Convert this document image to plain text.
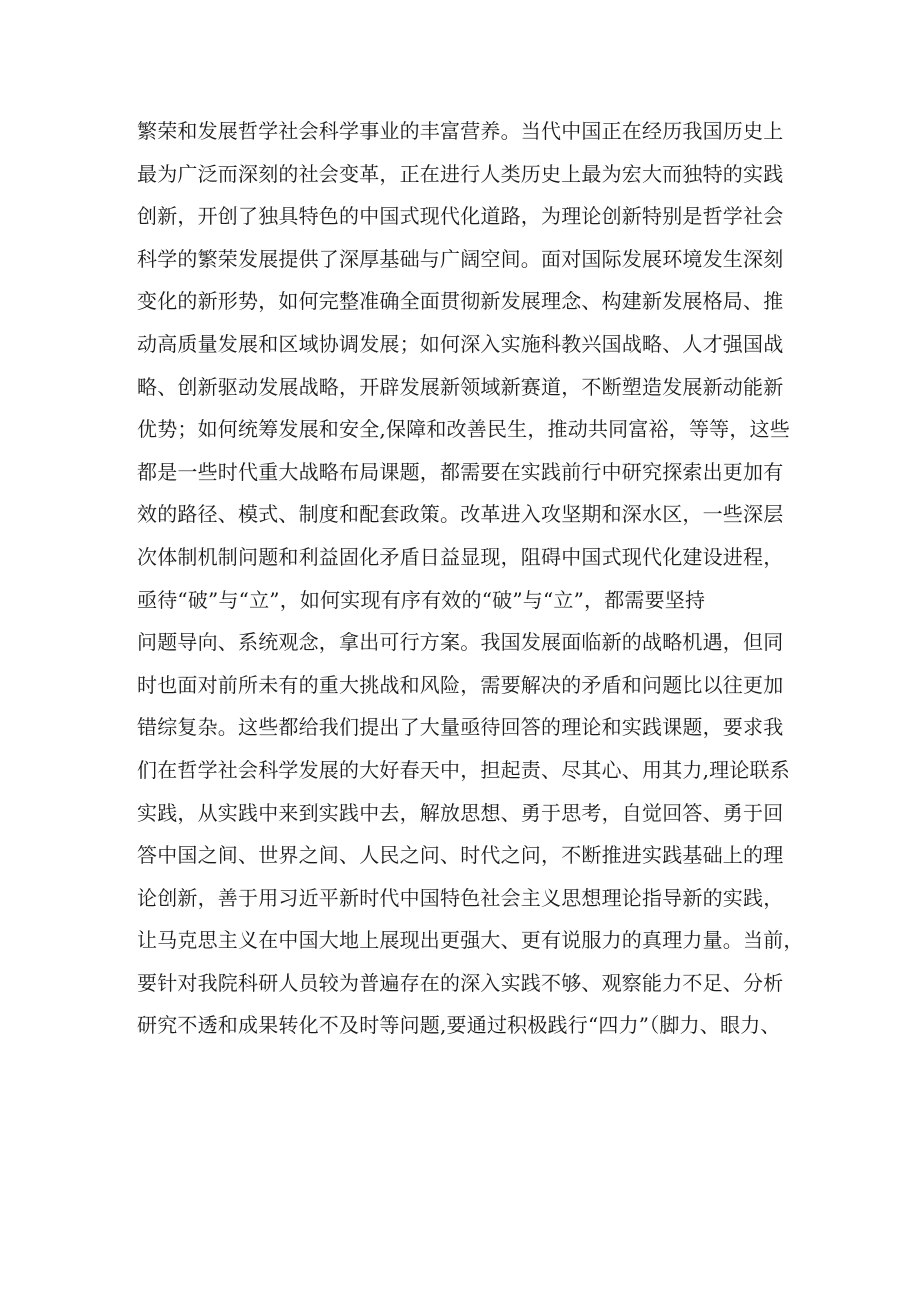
繁荣和发展哲学社会科学事业的丰富营养。当代中国正在经历我国历史上
最为广泛而深刻的社会变革，正在进行人类历史上最为宏大而独特的实践
创新，开创了独具特色的中国式现代化道路，为理论创新特别是哲学社会
科学的繁荣发展提供了深厚基础与广阔空间。面对国际发展环境发生深刻
变化的新形势，如何完整准确全面贯彻新发展理念、构建新发展格局、推
动高质量发展和区域协调发展；如何深入实施科教兴国战略、人才强国战
略、创新驱动发展战略，开辟发展新领域新赛道，不断塑造发展新动能新
优势；如何统筹发展和安全,保障和改善民生，推动共同富裕，等等，这些
都是一些时代重大战略布局课题，都需要在实践前行中研究探索出更加有
效的路径、模式、制度和配套政策。改革进入攻坚期和深水区，一些深层
次体制机制问题和利益固化矛盾日益显现，阻碍中国式现代化建设进程，
亟待“破”与“立”，如何实现有序有效的“破”与“立”，都需要坚持
问题导向、系统观念，拿出可行方案。我国发展面临新的战略机遇，但同
时也面对前所未有的重大挑战和风险，需要解决的矛盾和问题比以往更加
错综复杂。这些都给我们提出了大量亟待回答的理论和实践课题，要求我
们在哲学社会科学发展的大好春天中，担起责、尽其心、用其力,理论联系
实践，从实践中来到实践中去，解放思想、勇于思考，自觉回答、勇于回
答中国之间、世界之间、人民之问、时代之问，不断推进实践基础上的理
论创新，善于用习近平新时代中国特色社会主义思想理论指导新的实践，
让马克思主义在中国大地上展现出更强大、更有说服力的真理力量。当前，
要针对我院科研人员较为普遍存在的深入实践不够、观察能力不足、分析
研究不透和成果转化不及时等问题,要通过积极践行“四力”（脚力、眼力、
